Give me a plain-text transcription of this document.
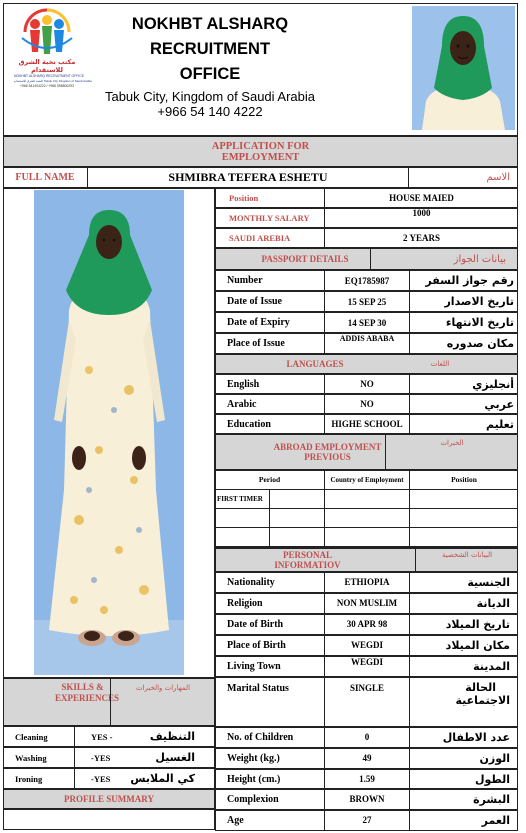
مكتب نخبة الشرق للاستقدام
NOKHBT ALSHARQ RECRUITMENT OFFICE
النخبة الشرق للاستقدام Tabuk City Kingdom of Saudi Arabia
+966 541404222 / +966 555800293
NOKHBT ALSHARQ
RECRUITMENT
OFFICE
Tabuk City, Kingdom of Saudi Arabia
+966 54 140 4222
APPLICATION FOR EMPLOYMENT
FULL NAME	SHMIBRA TEFERA ESHETU	الاسم
Position	HOUSE MAIED
MONTHLY SALARY	1000
SAUDI AREBIA	2 YEARS
PASSPORT DETAILS	بيانات الجواز
Number	EQ1785987	رقم جواز السفر
Date of Issue	15 SEP 25	تاريخ الاصدار
Date of Expiry	14 SEP 30	تاريخ الانتهاء
Place of Issue	ADDIS ABABA	مكان صدوره
LANGUAGES	اللغات
English	NO	أنجليزي
Arabic	NO	عربي
Education	HIGHE SCHOOL	تعليم
ABROAD EMPLOYMENT PREVIOUS
الخبرات
Period	Country of Employment	Position
FIRST TIMER
PERSONAL INFORMATIOV
البيانات الشخصية
Nationality	ETHIOPIA	الجنسية
Religion	NON MUSLIM	الديانة
Date of Birth	30 APR 98	تاريخ الميلاد
Place of Birth	WEGDI	مكان الميلاد
Living Town	WEGDI	المدينة
Marital Status	SINGLE	الحالة
الاجتماعية
No. of Children	0	عدد الاطفال
Weight (kg.)	49	الوزن
Height (cm.)	1.59	الطول
Complexion	BROWN	البشرة
Age	27	العمر
SKILLS & EXPERIENCES
المهارات والخبرات
Cleaning	YES -	التنظيف
Washing	-YES	الغسيل
Ironing	-YES	كي الملابس
PROFILE SUMMARY
